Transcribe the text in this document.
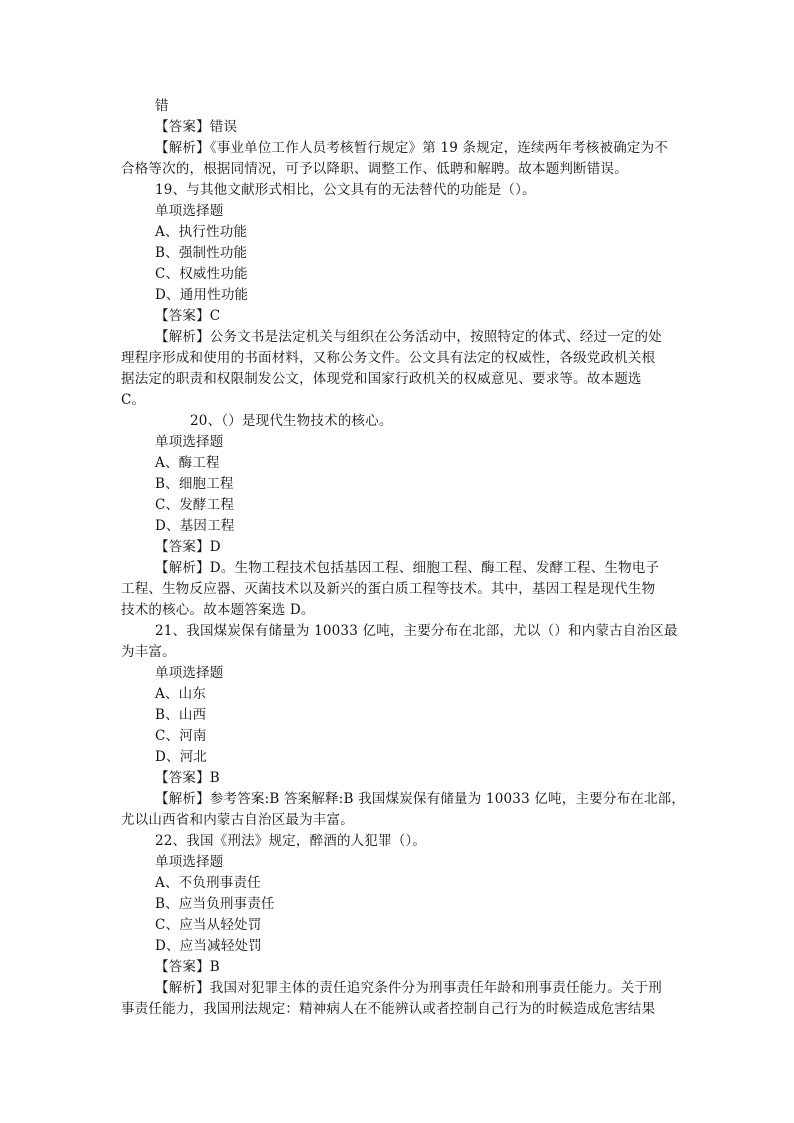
错
【答案】错误
【解析】《事业单位工作人员考核暂行规定》第 19 条规定，连续两年考核被确定为不
合格等次的，根据同情况，可予以降职、调整工作、低聘和解聘。故本题判断错误。
19、与其他文献形式相比，公文具有的无法替代的功能是（）。
单项选择题
A、执行性功能
B、强制性功能
C、权威性功能
D、通用性功能
【答案】C
【解析】公务文书是法定机关与组织在公务活动中，按照特定的体式、经过一定的处
理程序形成和使用的书面材料，又称公务文件。公文具有法定的权威性，各级党政机关根
据法定的职责和权限制发公文，体现党和国家行政机关的权威意见、要求等。故本题选
C。
20、（）是现代生物技术的核心。
单项选择题
A、酶工程
B、细胞工程
C、发酵工程
D、基因工程
【答案】D
【解析】D。生物工程技术包括基因工程、细胞工程、酶工程、发酵工程、生物电子
工程、生物反应器、灭菌技术以及新兴的蛋白质工程等技术。其中，基因工程是现代生物
技术的核心。故本题答案选 D。
21、我国煤炭保有储量为 10033 亿吨，主要分布在北部，尤以（）和内蒙古自治区最
为丰富。
单项选择题
A、山东
B、山西
C、河南
D、河北
【答案】B
【解析】参考答案:B 答案解释:B 我国煤炭保有储量为 10033 亿吨，主要分布在北部，
尤以山西省和内蒙古自治区最为丰富。
22、我国《刑法》规定，醉酒的人犯罪（）。
单项选择题
A、不负刑事责任
B、应当负刑事责任
C、应当从轻处罚
D、应当减轻处罚
【答案】B
【解析】我国对犯罪主体的责任追究条件分为刑事责任年龄和刑事责任能力。关于刑
事责任能力，我国刑法规定：精神病人在不能辨认或者控制自己行为的时候造成危害结果
